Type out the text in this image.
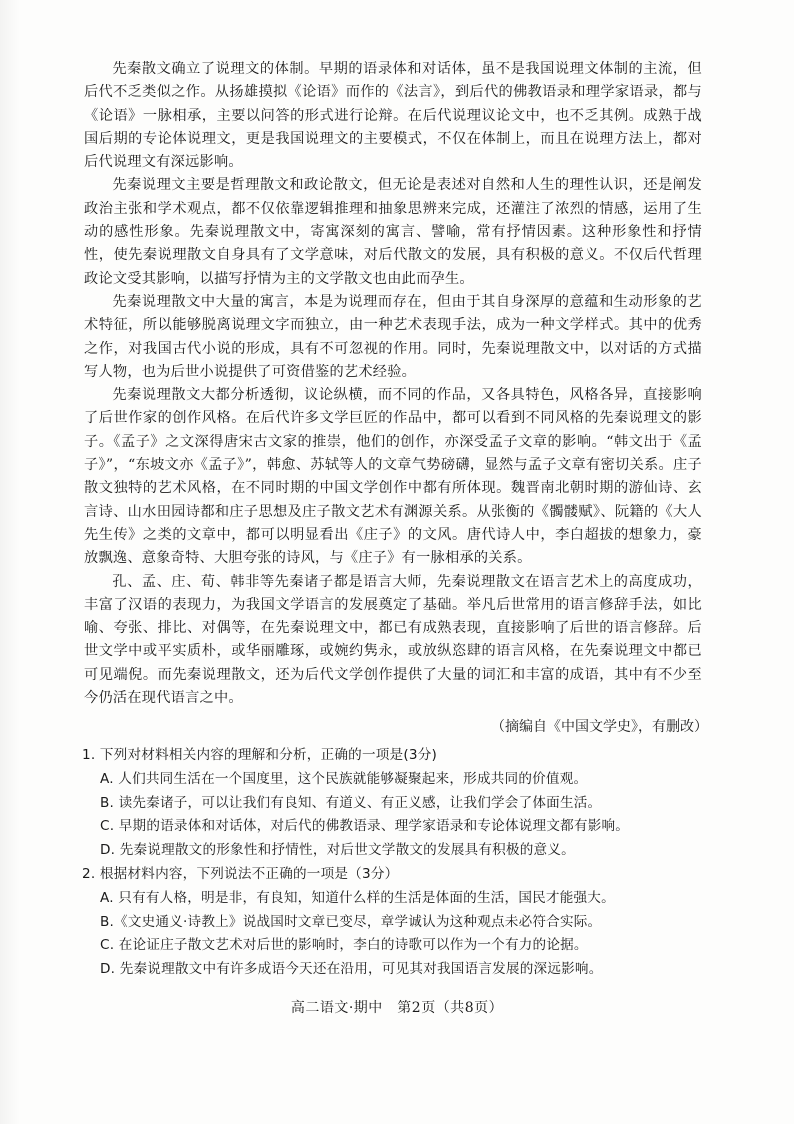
先秦散文确立了说理文的体制。早期的语录体和对话体，虽不是我国说理文体制的主流，但后代不乏类似之作。从扬雄摸拟《论语》而作的《法言》，到后代的佛教语录和理学家语录，都与《论语》一脉相承，主要以问答的形式进行论辩。在后代说理议论文中，也不乏其例。成熟于战国后期的专论体说理文，更是我国说理文的主要模式，不仅在体制上，而且在说理方法上，都对后代说理文有深远影响。

先秦说理文主要是哲理散文和政论散文，但无论是表述对自然和人生的理性认识，还是阐发政治主张和学术观点，都不仅依靠逻辑推理和抽象思辨来完成，还灌注了浓烈的情感，运用了生动的感性形象。先秦说理散文中，寄寓深刻的寓言、譬喻，常有抒情因素。这种形象性和抒情性，使先秦说理散文自身具有了文学意味，对后代散文的发展，具有积极的意义。不仅后代哲理政论文受其影响，以描写抒情为主的文学散文也由此而孕生。

先秦说理散文中大量的寓言，本是为说理而存在，但由于其自身深厚的意蕴和生动形象的艺术特征，所以能够脱离说理文字而独立，由一种艺术表现手法，成为一种文学样式。其中的优秀之作，对我国古代小说的形成，具有不可忽视的作用。同时，先秦说理散文中，以对话的方式描写人物，也为后世小说提供了可资借鉴的艺术经验。

先秦说理散文大都分析透彻，议论纵横，而不同的作品，又各具特色，风格各异，直接影响了后世作家的创作风格。在后代许多文学巨匠的作品中，都可以看到不同风格的先秦说理文的影子。《孟子》之文深得唐宋古文家的推崇，他们的创作，亦深受孟子文章的影响。“韩文出于《孟子》”，“东坡文亦《孟子》”，韩愈、苏轼等人的文章气势磅礴，显然与孟子文章有密切关系。庄子散文独特的艺术风格，在不同时期的中国文学创作中都有所体现。魏晋南北朝时期的游仙诗、玄言诗、山水田园诗都和庄子思想及庄子散文艺术有渊源关系。从张衡的《髑髅赋》、阮籍的《大人先生传》之类的文章中，都可以明显看出《庄子》的文风。唐代诗人中，李白超拔的想象力，豪放飘逸、意象奇特、大胆夸张的诗风，与《庄子》有一脉相承的关系。

孔、孟、庄、荀、韩非等先秦诸子都是语言大师，先秦说理散文在语言艺术上的高度成功，丰富了汉语的表现力，为我国文学语言的发展奠定了基础。举凡后世常用的语言修辞手法，如比喻、夸张、排比、对偶等，在先秦说理文中，都已有成熟表现，直接影响了后世的语言修辞。后世文学中或平实质朴，或华丽雕琢，或婉约隽永，或放纵恣肆的语言风格，在先秦说理文中都已可见端倪。而先秦说理散文，还为后代文学创作提供了大量的词汇和丰富的成语，其中有不少至今仍活在现代语言之中。

（摘编自《中国文学史》，有删改）

1. 下列对材料相关内容的理解和分析，正确的一项是(3分)

A. 人们共同生活在一个国度里，这个民族就能够凝聚起来，形成共同的价值观。

B. 读先秦诸子，可以让我们有良知、有道义、有正义感，让我们学会了体面生活。

C. 早期的语录体和对话体，对后代的佛教语录、理学家语录和专论体说理文都有影响。

D. 先秦说理散文的形象性和抒情性，对后世文学散文的发展具有积极的意义。

2. 根据材料内容，下列说法不正确的一项是（3分）

A. 只有有人格，明是非，有良知，知道什么样的生活是体面的生活，国民才能强大。

B.《文史通义·诗教上》说战国时文章已变尽，章学诚认为这种观点未必符合实际。

C. 在论证庄子散文艺术对后世的影响时，李白的诗歌可以作为一个有力的论据。

D. 先秦说理散文中有许多成语今天还在沿用，可见其对我国语言发展的深远影响。

高二语文·期中　第2页（共8页）
